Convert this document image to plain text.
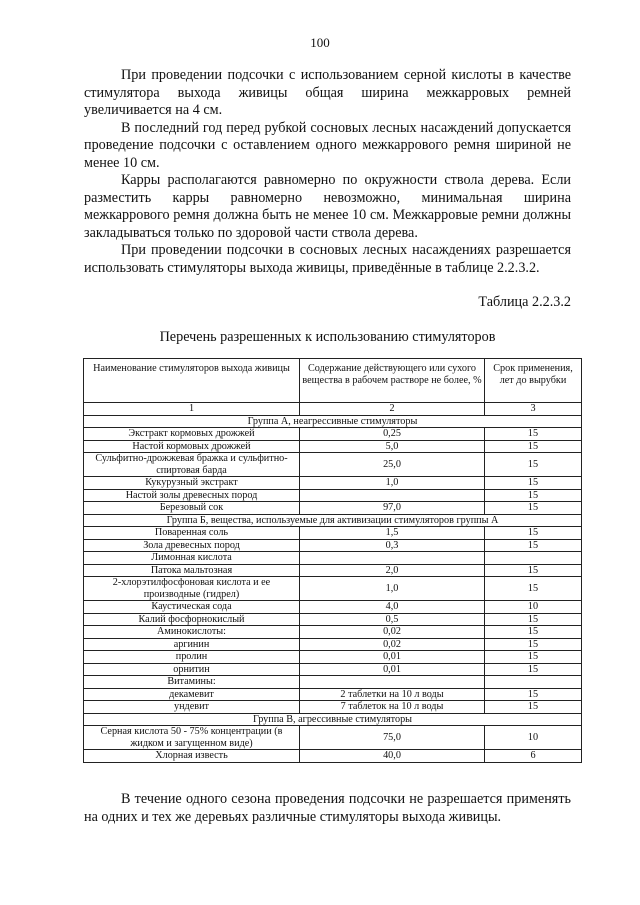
100

При проведении подсочки с использованием серной кислоты в качестве стимулятора выхода живицы общая ширина межкарровых ремней увеличивается на 4 см.

В последний год перед рубкой сосновых лесных насаждений допускается проведение подсочки с оставлением одного межкаррового ремня шириной не менее 10 см.

Карры располагаются равномерно по окружности ствола дерева. Если разместить карры равномерно невозможно, минимальная ширина межкаррового ремня должна быть не менее 10 см. Межкарровые ремни должны закладываться только по здоровой части ствола дерева.

При проведении подсочки в сосновых лесных насаждениях разрешается использовать стимуляторы выхода живицы, приведённые в таблице 2.2.3.2.

Таблица 2.2.3.2
Перечень разрешенных к использованию стимуляторов
Наименование стимуляторов выхода живицы	Содержание действующего или сухого вещества в рабочем растворе не более, %	Срок применения, лет до вырубки
1	2	3
Группа А, неагрессивные стимуляторы		
Экстракт кормовых дрожжей	0,25	15
Настой кормовых дрожжей	5,0	15
Сульфитно-дрожжевая бражка и сульфитно-спиртовая барда	25,0	15
Кукурузный экстракт	1,0	15
Настой золы древесных пород		15
Березовый сок	97,0	15
Группа Б, вещества, используемые для активизации стимуляторов группы А		
Поваренная соль	1,5	15
Зола древесных пород	0,3	15
Лимонная кислота		
Патока мальтозная	2,0	15
2-хлорэтилфосфоновая кислота и ее производные (гидрел)	1,0	15
Каустическая сода	4,0	10
Калий фосфорнокислый	0,5	15
Аминокислоты:	0,02	15
аргинин	0,02	15
пролин	0,01	15
орнитин	0,01	15
Витамины:		
декамевит	2 таблетки на 10 л воды	15
ундевит	7 таблеток на 10 л воды	15
Группа В, агрессивные стимуляторы		
Серная кислота 50 - 75% концентрации (в жидком и загущенном виде)	75,0	10
Хлорная известь	40,0	6

В течение одного сезона проведения подсочки не разрешается применять на одних и тех же деревьях различные стимуляторы выхода живицы.
